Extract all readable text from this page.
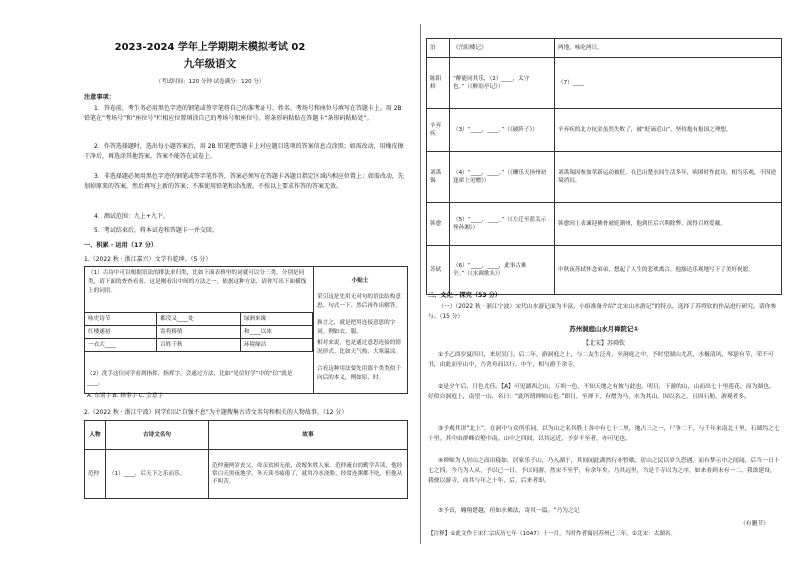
2023-2024 学年上学期期末模拟考试 02
九年级语文
（考试时间：120 分钟 试卷满分：120 分）
注意事项：
1．答卷前，考生务必用黑色字迹的钢笔或签字笔将自己的准考证号、姓名、考场号和座位号填写在答题卡上。用 2B 铅笔在“考场号”和“座位号”栏相应位置填涂自己的考场号和座位号。将条形码粘贴在答题卡“条形码粘贴处”。
2．作答选择题时，选出每小题答案后，用 2B 铅笔把答题卡上对应题目选项的答案信息点涂黑；如需改动，用橡皮擦干净后，再选涂其他答案。答案不能答在试卷上。
3．非选择题必须用黑色字迹的钢笔或签字笔作答，答案必须写在答题卡各题目指定区域内相应位置上；如需改动，先划掉原来的答案，然后再写上新的答案；不准使用铅笔和涂改液。不按以上要求作答的答案无效。
4．测试范围：九上+九下。
5．考试结束后，将本试卷和答题卡一并交回。
一、积累 · 运用（17 分）
1.（2022 秋 · 浙江嘉兴）文学有乾坤。（5 分）
（1）古诗中可以根据语法的排法求归类，比如下面表格里的词就可以分三类，分别是同类，请下面的查查看看，这是刚看出中间的方法之一，依据这种方法，请你写出下面横线上的词语。
小贴士
采引这是先用无对句的语法结构意思、句式一下、然后再作出解答。
换言之，就是把用连接意思的字词。例如衣、服。
相对来说，也是通过意思连接的情况形式。比如天气热、大寒温凉。
合看这种用法要先用那个类类似于向后的本义，例如原、时。
咏史诗节	都没又____处	绿洲来缘
红楼遂初	寄将移情	和____以冰
一衣大____	百姓千秋	环境缘洁
（2）洗手这位同学看到指挥、指挥字，会通过方法，比如“见信好学”中的“信”就是____。
A. 东别字 B. 指事字 C. 会意字
2.（2022 秋 · 浙江宁波）同学们以“自强不息”为主题搜集古诗文名句和相关的人物故事。（12 分）
人物	古诗文名句	故事
范仲	（1）____，后天下之乐而乐。	范仲淹两岁丧父，母亲贫困无依，改嫁朱姓人家。范仲淹自幼勤学苦读，他经常白天黑夜地学，冬天读书疲倦了，就用冷水浇脸，经常连粥都不吃，但他从不叫苦。
泊	《岳阳楼记》	两地，咏吃两日。
陈阳修	“醉能同其乐，（2）____，太守也。”（《醉翁亭记》）	（7）____
辛弃疾	（3）“____，____。”（《破阵子》）	辛弃疾的北方抗金虽然失败了，被“贬谪近山”，坚持抱有报国之理想。
刘禹锡	（4）“____，____。”（《酬乐天扬州初逢席上见赠》）	刘禹锡因参加革新运动被贬，在巴山楚水间生活多年，病困时作此诗，相当乐观，不因逆境消沉。
韩愈	（5）“____，____。”（《左迁至蓝关示侄孙湘》）	韩愈因上表谏迎佛骨被贬潮州，他到任后兴利除弊，深得百姓爱戴。
苏轼	（6）“____，____，此事古难全。”（《水调歌头》）	中秋夜苏轼怀念弟弟，想起了人生的悲欢离合，他豁达乐观地写下了美好祝愿。
二、文化 · 探究（53 分）
（一）（2022 秋 · 浙江宁波）宋代山水游记面为丰富。小组准备介绍“北宋山水游记”的特点，选择了苏舜钦的作品进行研究。请你参与。（15 分）
苏州洞庭山水月禅院记①
【北宋】苏舜钦
①予乙酉岁夏四月，来居吴门。后二年，游洞庭之上，与二友生泛舟，至洞庭之中，予时望湖山尤甚，水极清风，琴瑟有节，荣不可书，由此而至山中，乃舍舟而以行，中午，相与游千余寺，
②是夕午后，月色尤佳。【A】可见湖西之山，万顷一色，不知天地之有彼与此也。明日，下游的山，山而出七十里莲花，而为湖也。好似自洞庭上，南望一山，名曰：“此所谓禅师山也。”即日，至禅下，有僧为马，水为其山，因以名之，且因石舫，游观者多。
③予观其讲“北上”，在洞中与众所乐同，以为山之名其胜土各中有七十二里，地占三之一，尸争二千，与千年来南北十里，石墙坞之七十里。其中由群峰岩壑中南。山中之四间，以其远近，予岁不至者，亦可见也。
④禅师为人居山之而出寝如，居家乐于山，乃入湖于，其间闻此湖然行亦暂歇。居山之民以岁久恐遇，而有梦示中之间闻，后当一日十七之四，今乃为人从，予以已一日，予以同游，然宋不至乎，有余年矣。乃其远里，当是千寺以为之序，如来看到未有一二。我欲建设，我便以游寺，而其与年之十年，后，后来者即。
⑤予首，翱翔楚越，但如水佛法，寄其一篇。“乃为之记
（有删节）
【注释】①此文作于宋仁宗庆历七年（1047）十一月，当时作者寓居苏州已三年。②北宋：太湖名。
